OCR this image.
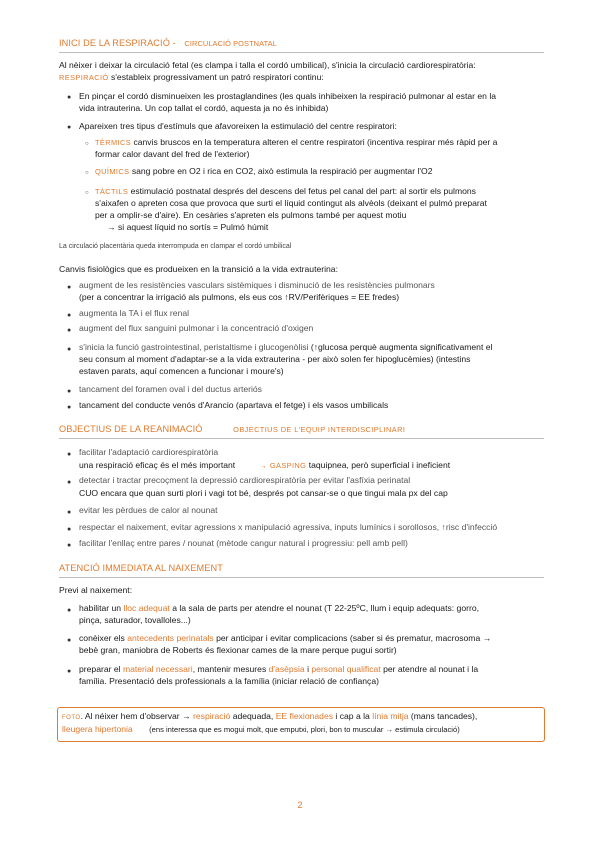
INICI DE LA RESPIRACIÓ - CIRCULACIÓ POSTNATAL
Al nèixer i deixar la circulació fetal (es clampa i talla el cordó umbilical), s'inicia la circulació cardiorespiratòria:
RESPIRACIÓ s'estableix progressivament un patró respiratori continu:
● En pinçar el cordó disminueixen les prostaglandines (les quals inhibeixen la respiració pulmonar al estar en la
vida intrauterina. Un cop tallat el cordó, aquesta ja no és inhibida)
● Apareixen tres tipus d'estímuls que afavoreixen la estimulació del centre respiratori:
○ TÈRMICS canvis bruscos en la temperatura alteren el centre respiratori (incentiva respirar més ràpid per a
formar calor davant del fred de l'exterior)
○ QUÍMICS sang pobre en O2 i rica en CO2, això estimula la respiració per augmentar l'O2
○ TÀCTILS estimulació postnatal després del descens del fetus pel canal del part: al sortir els pulmons
s'aixafen o apreten cosa que provoca que surti el líquid contingut als alvèols (deixant el pulmó preparat
per a omplir-se d'aire). En cesàries s'apreten els pulmons també per aquest motiu
→ si aquest líquid no sortís = Pulmó húmit
La circulació placentària queda interrompuda en clampar el cordó umbilical
Canvis fisiològics que es produeixen en la transició a la vida extrauterina:
● augment de les resistències vasculars sistèmiques i disminució de les resistències pulmonars
(per a concentrar la irrigació als pulmons, els eus cos ↑RV/Perifèriques = EE fredes)
● augmenta la TA i el flux renal
● augment del flux sanguini pulmonar i la concentració d'oxigen
● s'inicia la funció gastrointestinal, peristaltisme i glucogenòlisi (↑glucosa perquè augmenta significativament el
seu consum al moment d'adaptar-se a la vida extrauterina - per això solen fer hipoglucèmies) (intestins
estaven parats, aquí comencen a funcionar i moure's)
● tancament del foramen oval i del ductus arteriós
● tancament del conducte venós d'Arancio (apartava el fetge) i els vasos umbilicals
OBJECTIUS DE LA REANIMACIÓ	OBJECTIUS DE L'EQUIP INTERDISCIPLINARI
● facilitar l'adaptació cardiorespiratòria
una respiració eficaç és el més important	→ GASPING taquipnea, però superficial i ineficient
● detectar i tractar precoçment la depressió cardiorespiratòria per evitar l'asfíxia perinatal
CUO encara que quan surti plori i vagi tot bé, després pot cansar-se o que tingui mala px del cap
● evitar les pèrdues de calor al nounat
● respectar el naixement, evitar agressions x manipulació agressiva, inputs lumínics i sorollosos, ↑risc d'infecció
● facilitar l'enllaç entre pares / nounat (mètode cangur natural i progressiu: pell amb pell)
ATENCIÓ IMMEDIATA AL NAIXEMENT
Previ al naixement:
● habilitar un lloc adequat a la sala de parts per atendre el nounat (T 22-25ºC, llum i equip adequats: gorro,
pinça, saturador, tovalloles...)
● conèixer els antecedents perinatals per anticipar i evitar complicacions (saber si és prematur, macrosoma →
bebè gran, maniobra de Roberts és flexionar cames de la mare perque pugui sortir)
● preparar el material necessari, mantenir mesures d'asèpsia i personal qualificat per atendre al nounat i la
família. Presentació dels professionals a la família (iniciar relació de confiança)
FOTO. Al néixer hem d'observar → respiració adequada, EE flexionades i cap a la línia mitja (mans tancades),
lleugera hipertonia (ens interessa que es mogui molt, que emputxi, plori, bon to muscular → estimula circulació)
2
